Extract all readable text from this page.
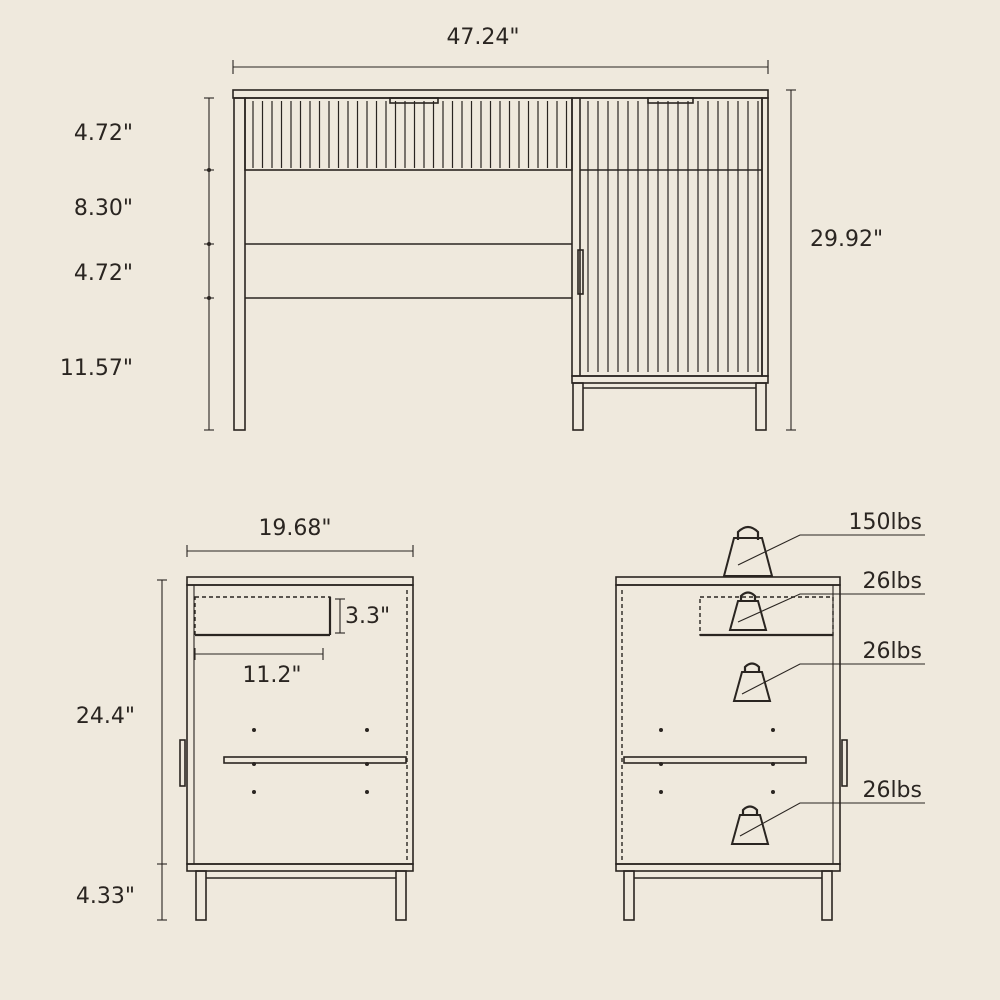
47.24"
4.72"
8.30"
4.72"
11.57"
29.92"
19.68"
24.4"
4.33"
3.3"
11.2"
150lbs
26lbs
26lbs
26lbs
